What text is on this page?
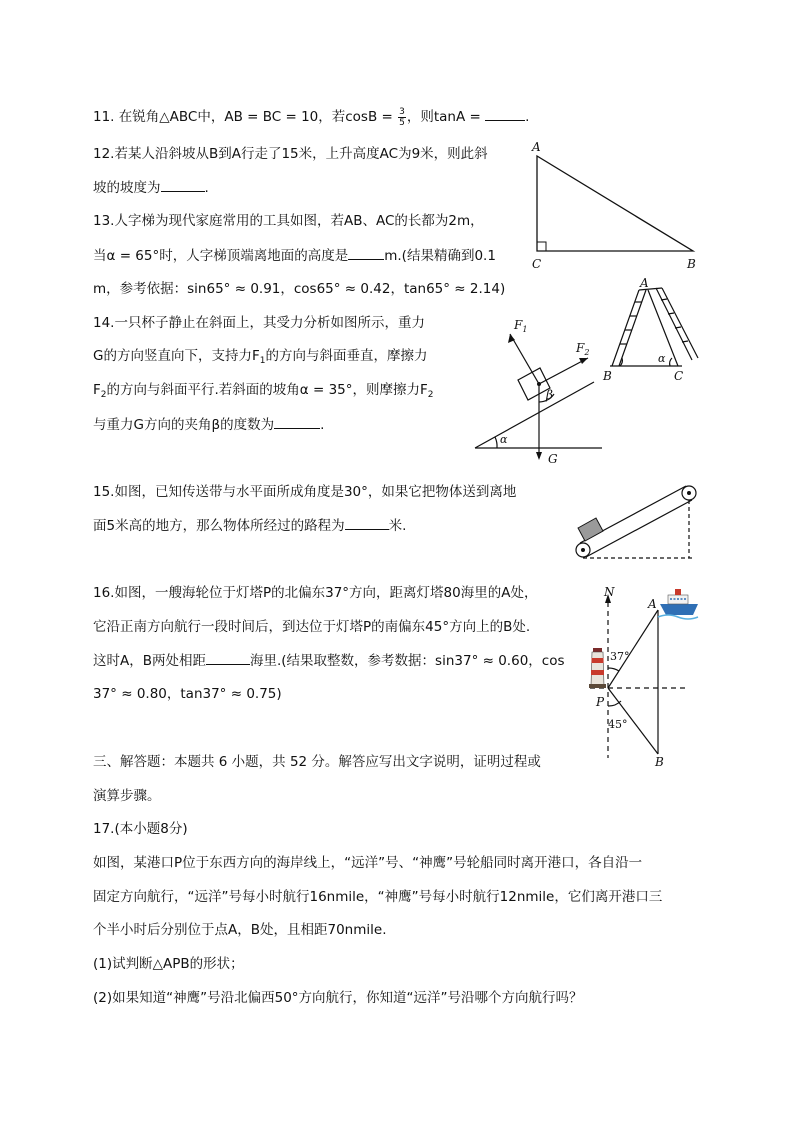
11. 在锐角△ABC中，AB = BC = 10，若$\cos B = \frac{3}{5}$ ，则tanA =	.
12.若某人沿斜坡从B到A行走了15米，上升高度AC为9米，则此斜
坡的坡度为	.
13.人字梯为现代家庭常用的工具如图，若AB、AC的长都为2m，
当α = 65°时，人字梯顶端离地面的高度是	m.(结果精确到0.1
m，参考依据：sin65° ≈ 0.91，cos65° ≈ 0.42，tan65° ≈ 2.14)
14.一只杯子静止在斜面上，其受力分析如图所示，重力
G的方向竖直向下，支持力$F_1$的方向与斜面垂直，摩擦力
$F_2$的方向与斜面平行.若斜面的坡角α = 35°，则摩擦力$F_2$
与重力G方向的夹角β的度数为	.
15.如图，已知传送带与水平面所成角度是30°，如果它把物体送到离地
面5米高的地方，那么物体所经过的路程为	米.
16.如图，一艘海轮位于灯塔P的北偏东37°方向，距离灯塔80海里的A处，
它沿正南方向航行一段时间后，到达位于灯塔P的南偏东45°方向上的B处.
这时A，B两处相距	海里.(结果取整数，参考数据：sin37° ≈ 0.60，cos
37° ≈ 0.80，tan37° ≈ 0.75)
三、解答题：本题共 6 小题，共 52 分。解答应写出文字说明，证明过程或
演算步骤。
17.(本小题8分)
如图，某港口P位于东西方向的海岸线上，“远洋”号、“神鹰”号轮船同时离开港口，各自沿一
固定方向航行，“远洋”号每小时航行16nmile，“神鹰”号每小时航行12nmile，它们离开港口三
个半小时后分别位于点A，B处，且相距70nmile.
(1)试判断△APB的形状；
(2)如果知道“神鹰”号沿北偏西50°方向航行，你知道“远洋”号沿哪个方向航行吗？
A
C	B
A
B	C
α
$F_1$
$F_2$
β
α
G
N
A
P
B
37°
45°
